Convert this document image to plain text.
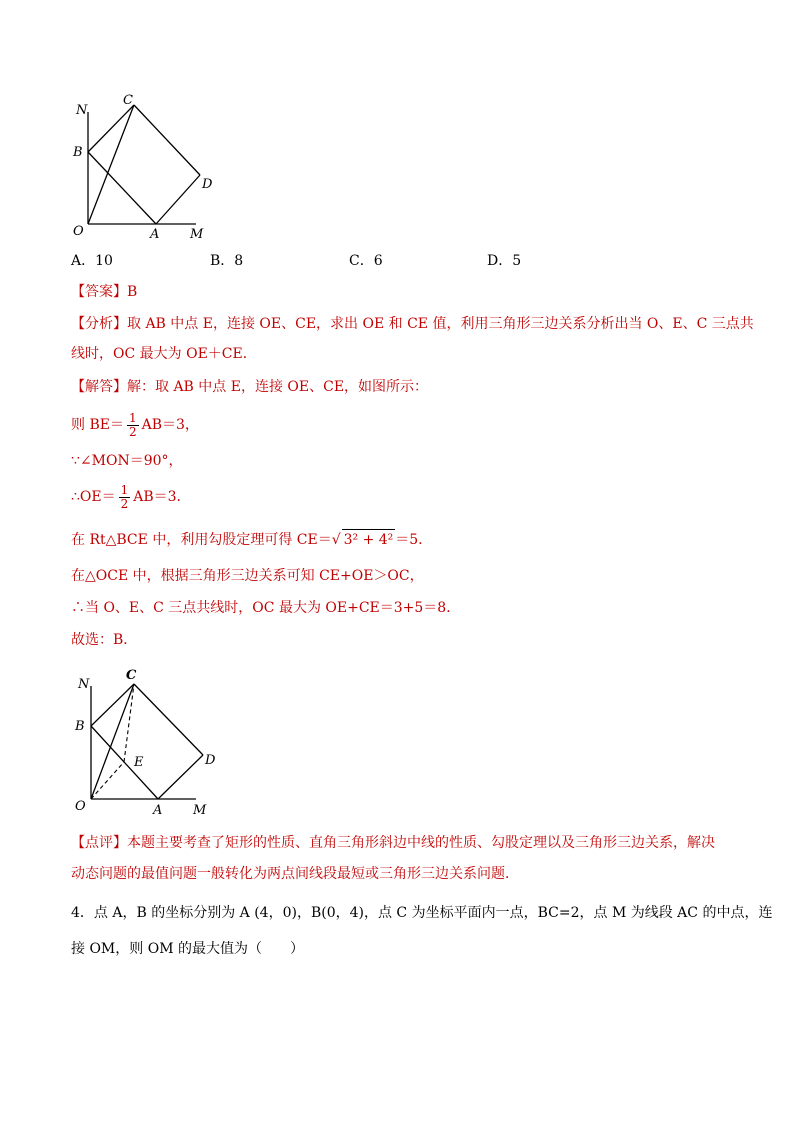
N
C
B
D
O	A M
A．10	B．8	C．6	D．5
【答案】B
【分析】取 AB 中点 E，连接 OE、CE，求出 OE 和 CE 值，利用三角形三边关系分析出当 O、E、C 三点共
线时，OC 最大为 OE＋CE．
【解答】解：取 AB 中点 E，连接 OE、CE，如图所示：
则 $BE= \frac{1}{2} AB=3$，
∵∠MON＝90°，
∴OE＝ $\frac{1}{2} AB=3$．
在 Rt△BCE 中，利用勾股定理可得 CE＝√ 3² + 4² ＝5．
在△OCE 中，根据三角形三边关系可知 CE+OE＞OC，
∴当 O、E、C 三点共线时，OC 最大为 OE+CE＝3+5＝8．
故选：B．
N
C
B
E	D
O	A M
【点评】本题主要考查了矩形的性质、直角三角形斜边中线的性质、勾股定理以及三角形三边关系，解决
动态问题的最值问题一般转化为两点间线段最短或三角形三边关系问题．
4．点 A，B 的坐标分别为 A (4，0)，B(0，4)，点 C 为坐标平面内一点，BC=2，点 M 为线段 AC 的中点，连
接 OM，则 OM 的最大值为（　　）
